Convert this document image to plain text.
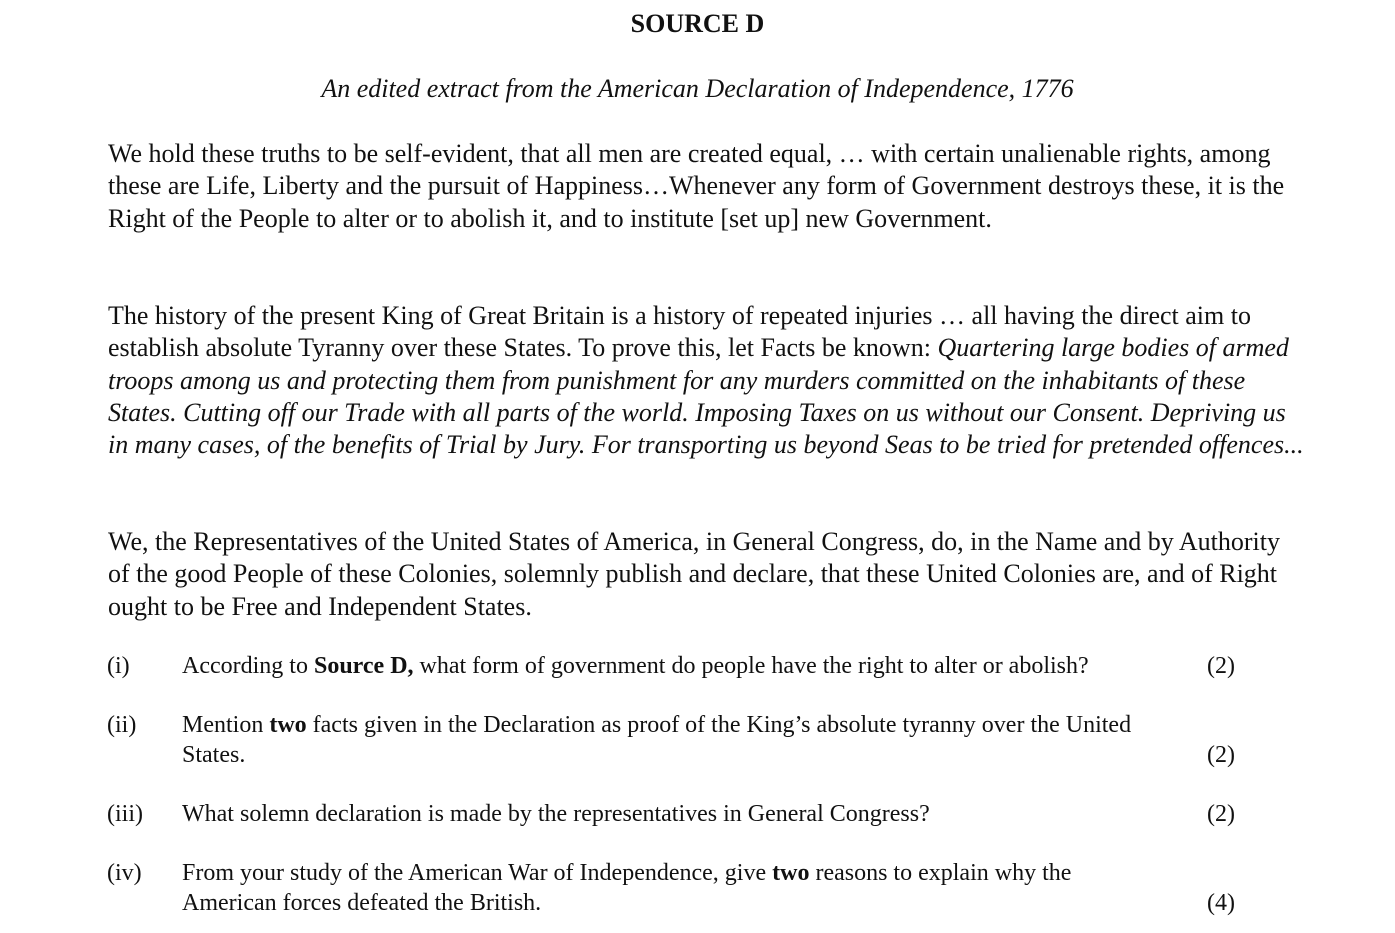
SOURCE D
An edited extract from the American Declaration of Independence, 1776

We hold these truths to be self-evident, that all men are created equal, … with certain unalienable rights, among these are Life, Liberty and the pursuit of Happiness…Whenever any form of Government destroys these, it is the Right of the People to alter or to abolish it, and to institute [set up] new Government.

The history of the present King of Great Britain is a history of repeated injuries … all having the direct aim to establish absolute Tyranny over these States. To prove this, let Facts be known: Quartering large bodies of armed troops among us and protecting them from punishment for any murders committed on the inhabitants of these States. Cutting off our Trade with all parts of the world. Imposing Taxes on us without our Consent. Depriving us in many cases, of the benefits of Trial by Jury. For transporting us beyond Seas to be tried for pretended offences...

We, the Representatives of the United States of America, in General Congress, do, in the Name and by Authority of the good People of these Colonies, solemnly publish and declare, that these United Colonies are, and of Right ought to be Free and Independent States.

(i) According to Source D, what form of government do people have the right to alter or abolish?	(2)
(ii) Mention two facts given in the Declaration as proof of the King’s absolute tyranny over the United States.	(2)
(iii) What solemn declaration is made by the representatives in General Congress?	(2)
(iv) From your study of the American War of Independence, give two reasons to explain why the American forces defeated the British.	(4)
